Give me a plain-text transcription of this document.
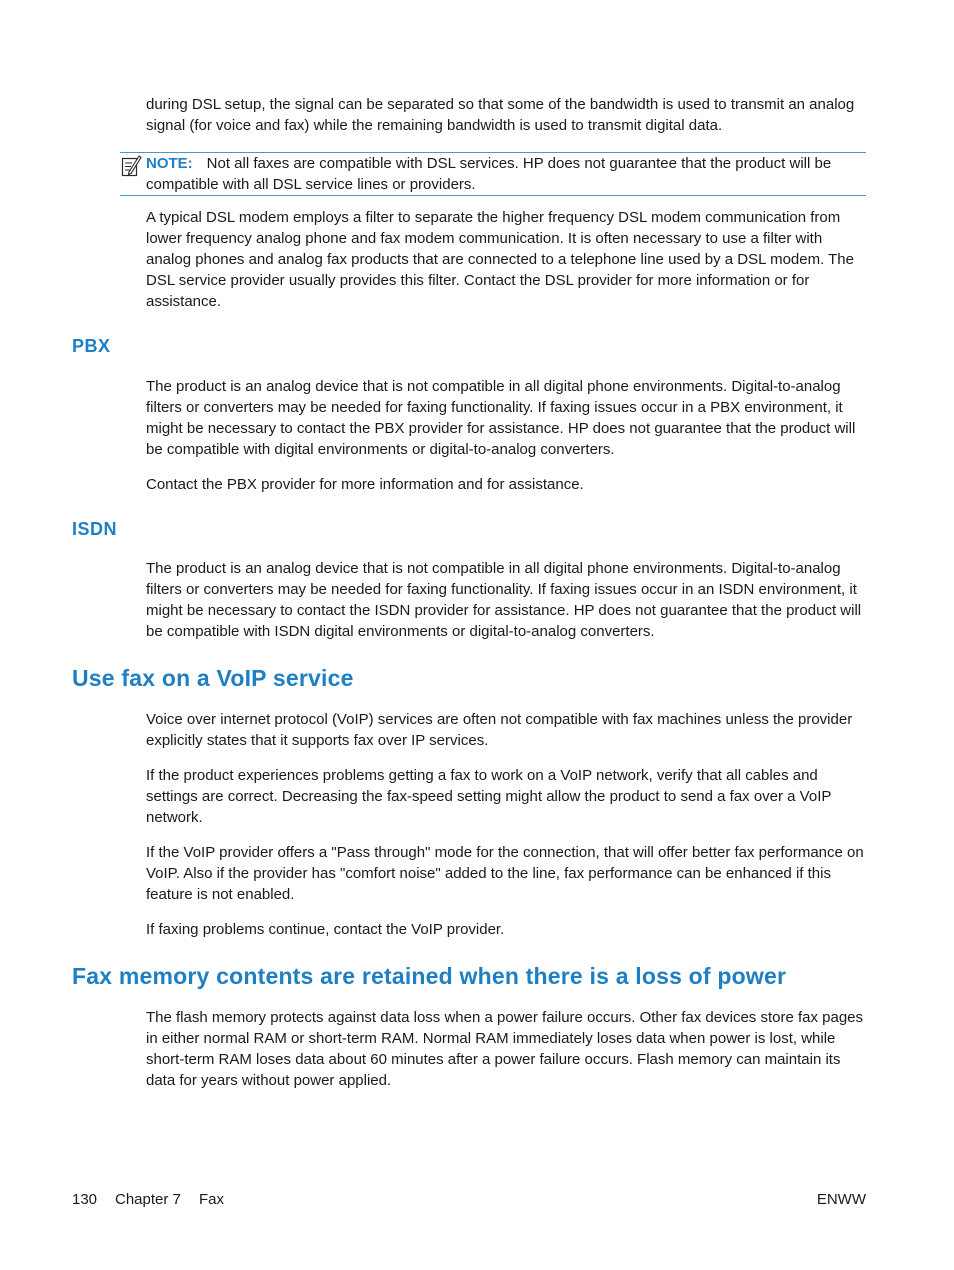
during DSL setup, the signal can be separated so that some of the bandwidth is used to transmit an analog signal (for voice and fax) while the remaining bandwidth is used to transmit digital data.

NOTE: Not all faxes are compatible with DSL services. HP does not guarantee that the product will be compatible with all DSL service lines or providers.

A typical DSL modem employs a filter to separate the higher frequency DSL modem communication from lower frequency analog phone and fax modem communication. It is often necessary to use a filter with analog phones and analog fax products that are connected to a telephone line used by a DSL modem. The DSL service provider usually provides this filter. Contact the DSL provider for more information or for assistance.

PBX

The product is an analog device that is not compatible in all digital phone environments. Digital-to-analog filters or converters may be needed for faxing functionality. If faxing issues occur in a PBX environment, it might be necessary to contact the PBX provider for assistance. HP does not guarantee that the product will be compatible with digital environments or digital-to-analog converters.

Contact the PBX provider for more information and for assistance.

ISDN

The product is an analog device that is not compatible in all digital phone environments. Digital-to-analog filters or converters may be needed for faxing functionality. If faxing issues occur in an ISDN environment, it might be necessary to contact the ISDN provider for assistance. HP does not guarantee that the product will be compatible with ISDN digital environments or digital-to-analog converters.

Use fax on a VoIP service

Voice over internet protocol (VoIP) services are often not compatible with fax machines unless the provider explicitly states that it supports fax over IP services.

If the product experiences problems getting a fax to work on a VoIP network, verify that all cables and settings are correct. Decreasing the fax-speed setting might allow the product to send a fax over a VoIP network.

If the VoIP provider offers a "Pass through" mode for the connection, that will offer better fax performance on VoIP. Also if the provider has "comfort noise" added to the line, fax performance can be enhanced if this feature is not enabled.

If faxing problems continue, contact the VoIP provider.

Fax memory contents are retained when there is a loss of power

The flash memory protects against data loss when a power failure occurs. Other fax devices store fax pages in either normal RAM or short-term RAM. Normal RAM immediately loses data when power is lost, while short-term RAM loses data about 60 minutes after a power failure occurs. Flash memory can maintain its data for years without power applied.

130 Chapter 7 Fax	ENWW
